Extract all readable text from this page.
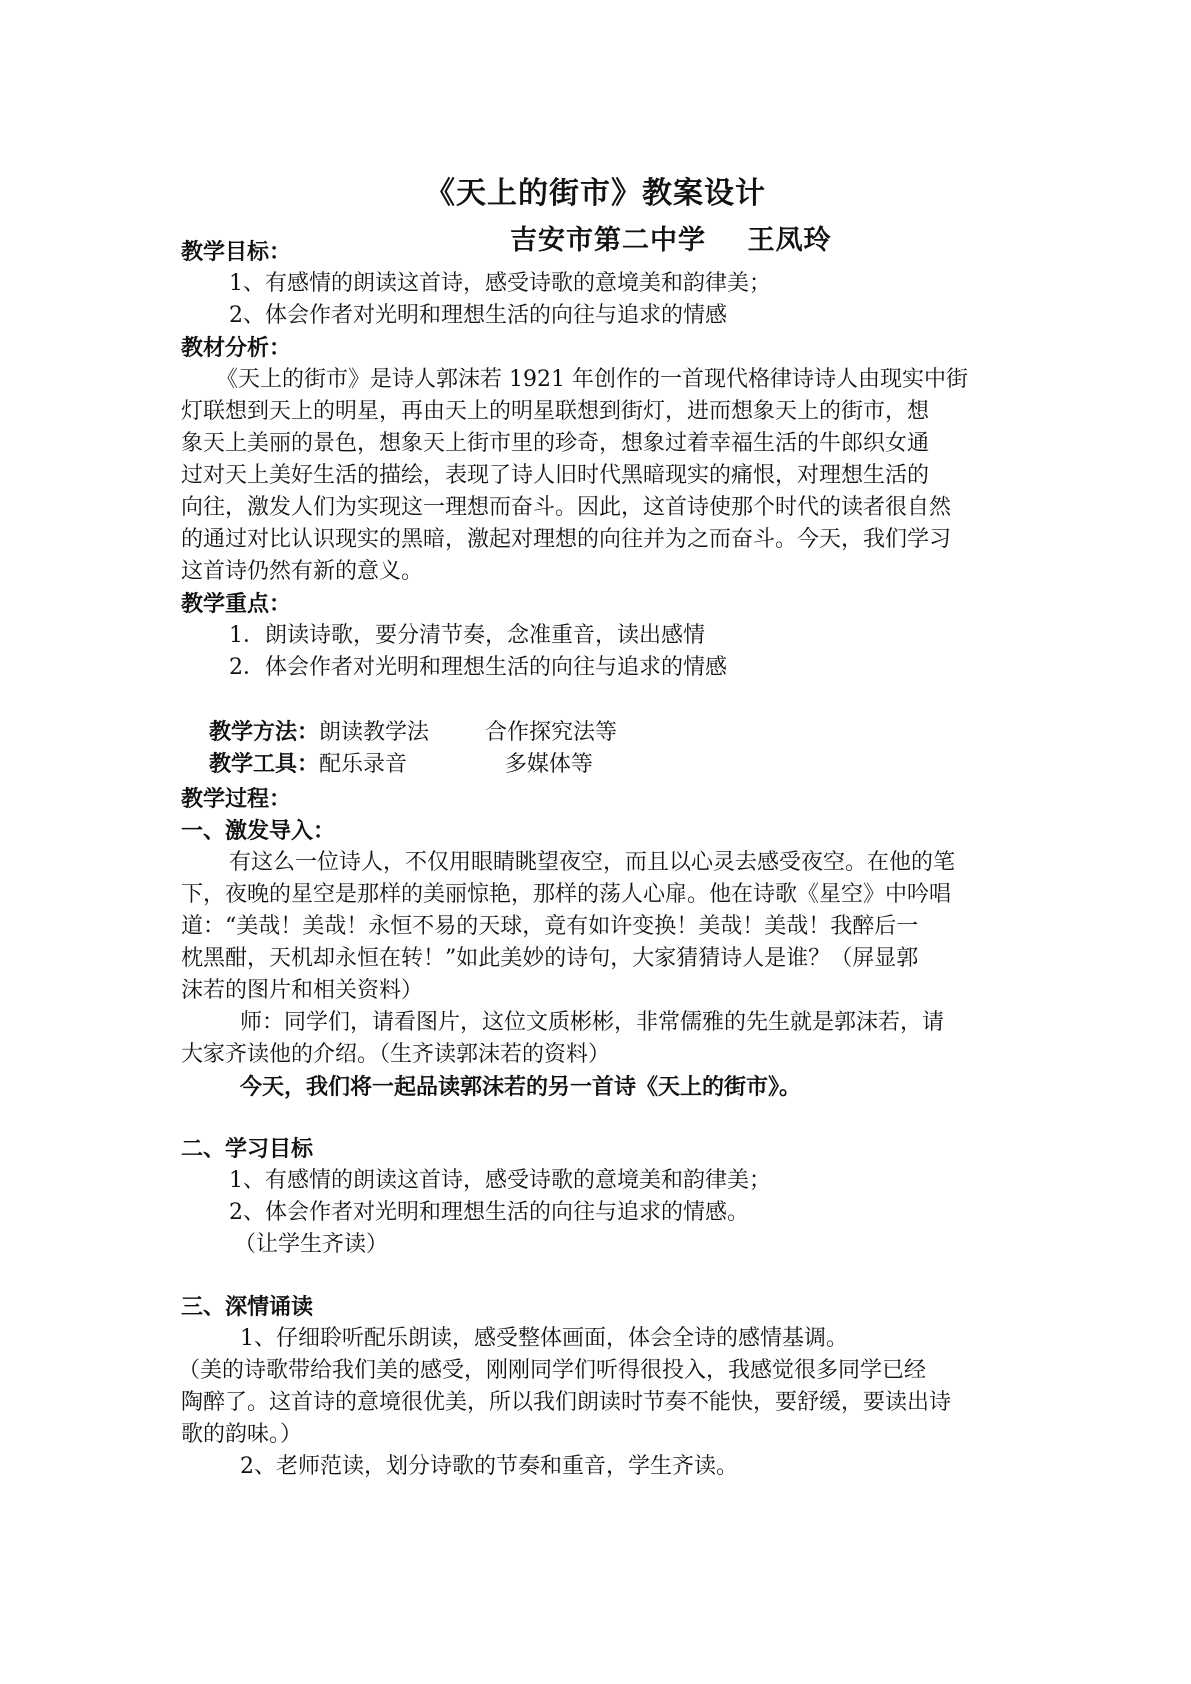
《天上的街市》教案设计
吉安市第二中学    王凤玲
教学目标：
1、有感情的朗读这首诗，感受诗歌的意境美和韵律美；
2、体会作者对光明和理想生活的向往与追求的情感
教材分析：
《天上的街市》是诗人郭沫若 1921 年创作的一首现代格律诗诗人由现实中街
灯联想到天上的明星，再由天上的明星联想到街灯，进而想象天上的街市，想
象天上美丽的景色，想象天上街市里的珍奇，想象过着幸福生活的牛郎织女通
过对天上美好生活的描绘，表现了诗人旧时代黑暗现实的痛恨，对理想生活的
向往，激发人们为实现这一理想而奋斗。因此，这首诗使那个时代的读者很自然
的通过对比认识现实的黑暗，激起对理想的向往并为之而奋斗。今天，我们学习
这首诗仍然有新的意义。
教学重点：
1．朗读诗歌，要分清节奏，念准重音，读出感情
2．体会作者对光明和理想生活的向往与追求的情感

教学方法：朗读教学法        合作探究法等

教学工具：配乐录音              多媒体等

教学过程：
一、激发导入：
有这么一位诗人，不仅用眼睛眺望夜空，而且以心灵去感受夜空。在他的笔
下，夜晚的星空是那样的美丽惊艳，那样的荡人心扉。他在诗歌《星空》中吟唱
道：“美哉！美哉！永恒不易的天球，竟有如许变换！美哉！美哉！我醉后一
枕黑酣，天机却永恒在转！”如此美妙的诗句，大家猜猜诗人是谁？（屏显郭
沫若的图片和相关资料）
师：同学们，请看图片，这位文质彬彬，非常儒雅的先生就是郭沫若，请
大家齐读他的介绍。（生齐读郭沫若的资料）
今天，我们将一起品读郭沫若的另一首诗《天上的街市》。
二、学习目标
1、有感情的朗读这首诗，感受诗歌的意境美和韵律美；
2、体会作者对光明和理想生活的向往与追求的情感。
（让学生齐读）
三、深情诵读
1、仔细聆听配乐朗读，感受整体画面，体会全诗的感情基调。
（美的诗歌带给我们美的感受，刚刚同学们听得很投入，我感觉很多同学已经
陶醉了。这首诗的意境很优美，所以我们朗读时节奏不能快，要舒缓，要读出诗
歌的韵味。）
2、老师范读，划分诗歌的节奏和重音，学生齐读。
